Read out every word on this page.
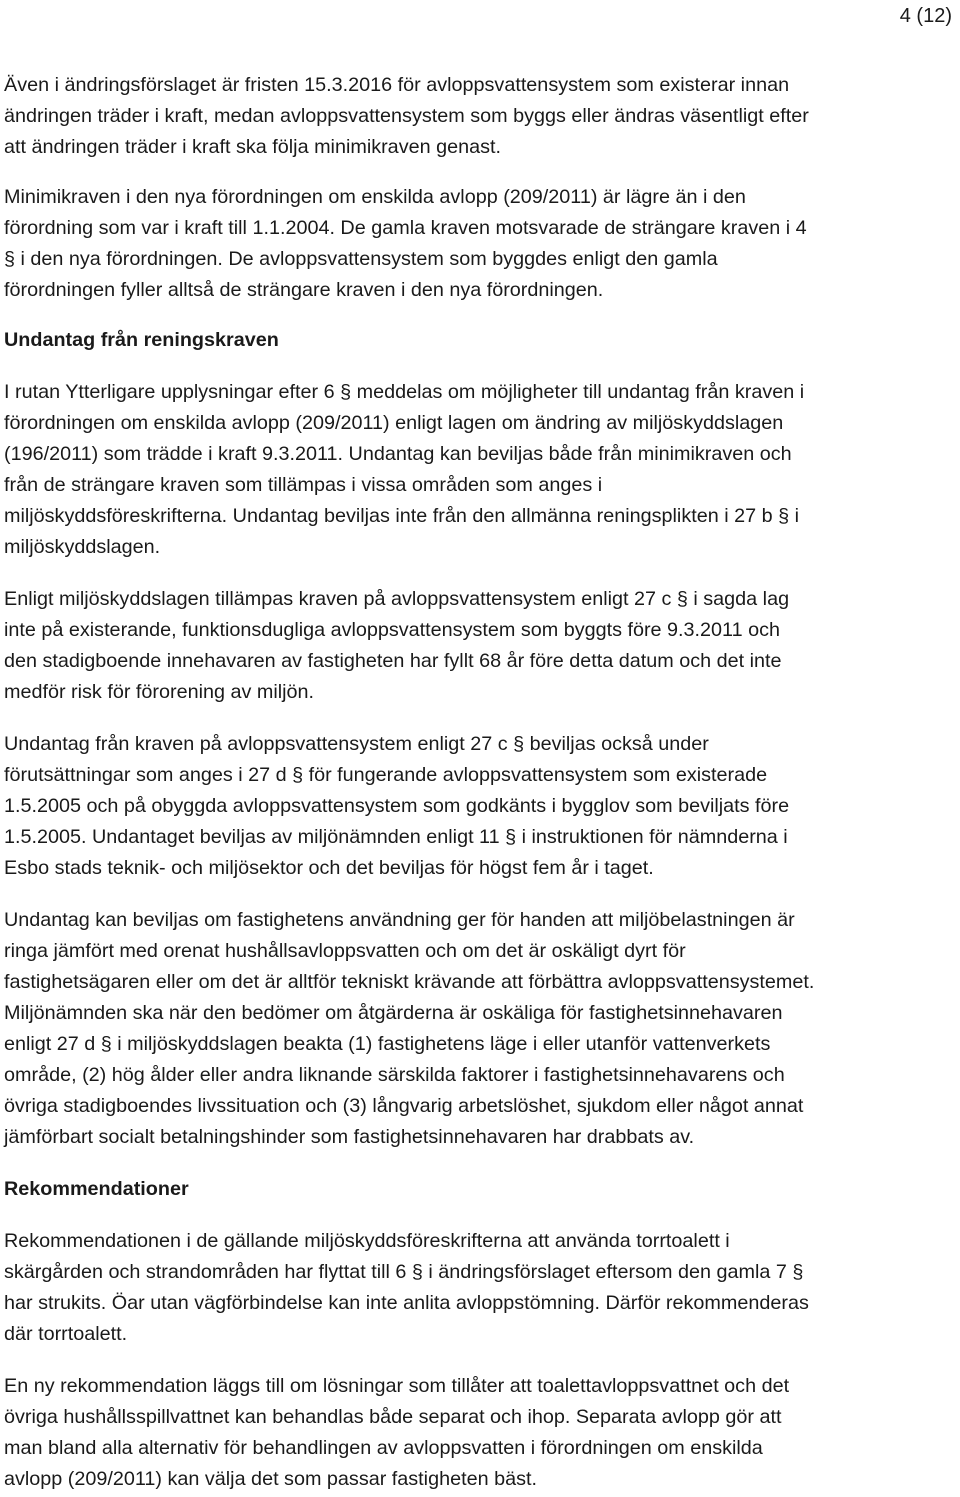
4 (12)

Även i ändringsförslaget är fristen 15.3.2016 för avloppsvattensystem som existerar innan
ändringen träder i kraft, medan avloppsvattensystem som byggs eller ändras väsentligt efter
att ändringen träder i kraft ska följa minimikraven genast.

Minimikraven i den nya förordningen om enskilda avlopp (209/2011) är lägre än i den
förordning som var i kraft till 1.1.2004. De gamla kraven motsvarade de strängare kraven i 4
§ i den nya förordningen. De avloppsvattensystem som byggdes enligt den gamla
förordningen fyller alltså de strängare kraven i den nya förordningen.

Undantag från reningskraven

I rutan Ytterligare upplysningar efter 6 § meddelas om möjligheter till undantag från kraven i
förordningen om enskilda avlopp (209/2011) enligt lagen om ändring av miljöskyddslagen
(196/2011) som trädde i kraft 9.3.2011. Undantag kan beviljas både från minimikraven och
från de strängare kraven som tillämpas i vissa områden som anges i
miljöskyddsföreskrifterna. Undantag beviljas inte från den allmänna reningsplikten i 27 b § i
miljöskyddslagen.

Enligt miljöskyddslagen tillämpas kraven på avloppsvattensystem enligt 27 c § i sagda lag
inte på existerande, funktionsdugliga avloppsvattensystem som byggts före 9.3.2011 och
den stadigboende innehavaren av fastigheten har fyllt 68 år före detta datum och det inte
medför risk för förorening av miljön.

Undantag från kraven på avloppsvattensystem enligt 27 c § beviljas också under
förutsättningar som anges i 27 d § för fungerande avloppsvattensystem som existerade
1.5.2005 och på obyggda avloppsvattensystem som godkänts i bygglov som beviljats före
1.5.2005. Undantaget beviljas av miljönämnden enligt 11 § i instruktionen för nämnderna i
Esbo stads teknik- och miljösektor och det beviljas för högst fem år i taget.

Undantag kan beviljas om fastighetens användning ger för handen att miljöbelastningen är
ringa jämfört med orenat hushållsavloppsvatten och om det är oskäligt dyrt för
fastighetsägaren eller om det är alltför tekniskt krävande att förbättra avloppsvattensystemet.
Miljönämnden ska när den bedömer om åtgärderna är oskäliga för fastighetsinnehavaren
enligt 27 d § i miljöskyddslagen beakta (1) fastighetens läge i eller utanför vattenverkets
område, (2) hög ålder eller andra liknande särskilda faktorer i fastighetsinnehavarens och
övriga stadigboendes livssituation och (3) långvarig arbetslöshet, sjukdom eller något annat
jämförbart socialt betalningshinder som fastighetsinnehavaren har drabbats av.

Rekommendationer

Rekommendationen i de gällande miljöskyddsföreskrifterna att använda torrtoalett i
skärgården och strandområden har flyttat till 6 § i ändringsförslaget eftersom den gamla 7 §
har strukits. Öar utan vägförbindelse kan inte anlita avloppstömning. Därför rekommenderas
där torrtoalett.

En ny rekommendation läggs till om lösningar som tillåter att toalettavloppsvattnet och det
övriga hushållsspillvattnet kan behandlas både separat och ihop. Separata avlopp gör att
man bland alla alternativ för behandlingen av avloppsvatten i förordningen om enskilda
avlopp (209/2011) kan välja det som passar fastigheten bäst.
